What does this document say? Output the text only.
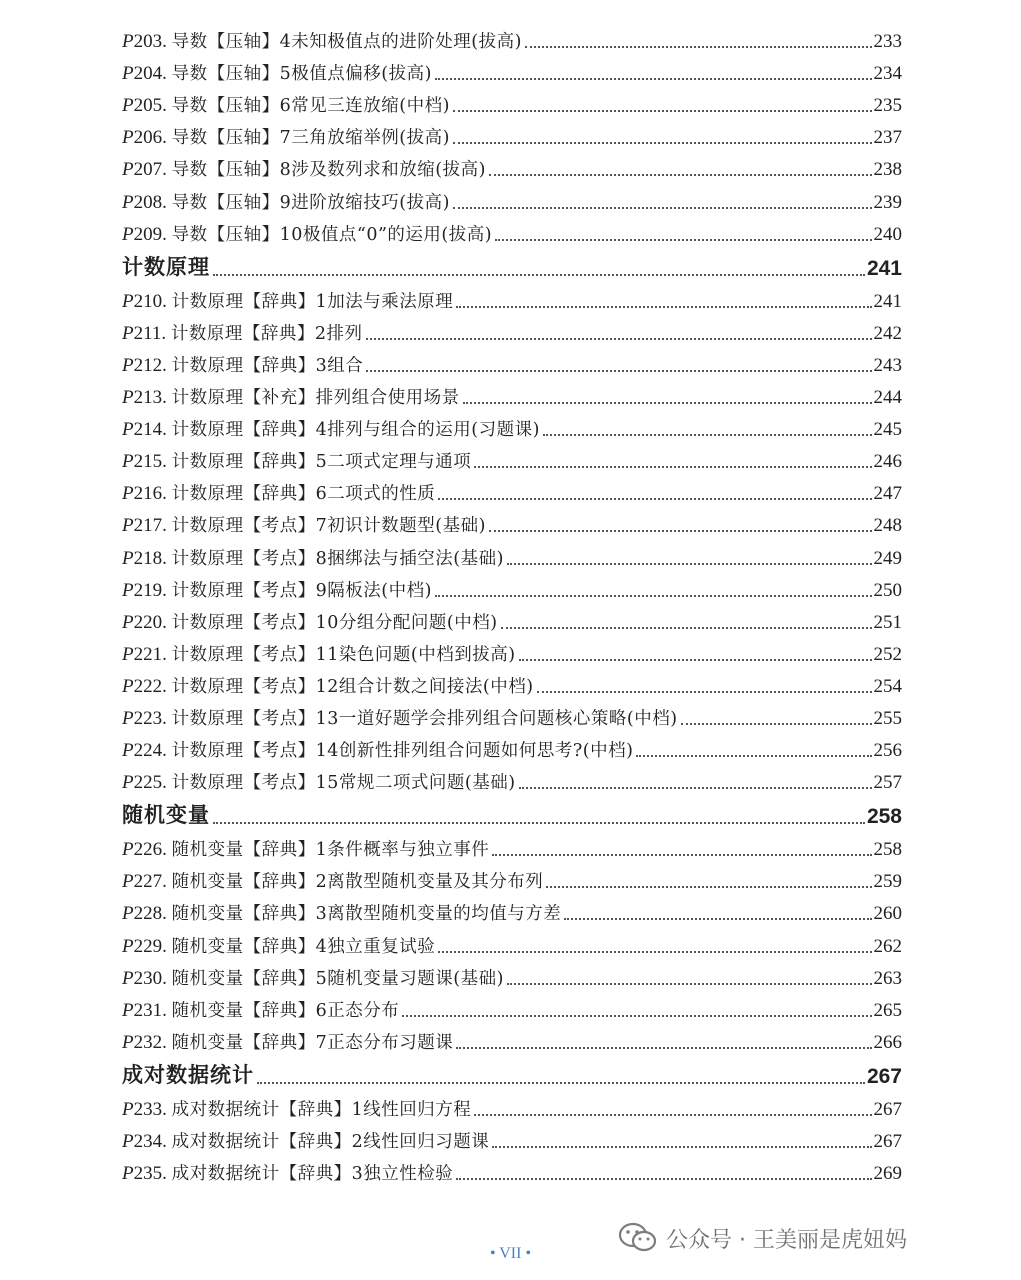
P203. 导数【压轴】4未知极值点的进阶处理(拔高)	233
P204. 导数【压轴】5极值点偏移(拔高)	234
P205. 导数【压轴】6常见三连放缩(中档)	235
P206. 导数【压轴】7三角放缩举例(拔高)	237
P207. 导数【压轴】8涉及数列求和放缩(拔高)	238
P208. 导数【压轴】9进阶放缩技巧(拔高)	239
P209. 导数【压轴】10极值点“0”的运用(拔高)	240
计数原理	241
P210. 计数原理【辞典】1加法与乘法原理	241
P211. 计数原理【辞典】2排列	242
P212. 计数原理【辞典】3组合	243
P213. 计数原理【补充】排列组合使用场景	244
P214. 计数原理【辞典】4排列与组合的运用(习题课)	245
P215. 计数原理【辞典】5二项式定理与通项	246
P216. 计数原理【辞典】6二项式的性质	247
P217. 计数原理【考点】7初识计数题型(基础)	248
P218. 计数原理【考点】8捆绑法与插空法(基础)	249
P219. 计数原理【考点】9隔板法(中档)	250
P220. 计数原理【考点】10分组分配问题(中档)	251
P221. 计数原理【考点】11染色问题(中档到拔高)	252
P222. 计数原理【考点】12组合计数之间接法(中档)	254
P223. 计数原理【考点】13一道好题学会排列组合问题核心策略(中档)	255
P224. 计数原理【考点】14创新性排列组合问题如何思考?(中档)	256
P225. 计数原理【考点】15常规二项式问题(基础)	257
随机变量	258
P226. 随机变量【辞典】1条件概率与独立事件	258
P227. 随机变量【辞典】2离散型随机变量及其分布列	259
P228. 随机变量【辞典】3离散型随机变量的均值与方差	260
P229. 随机变量【辞典】4独立重复试验	262
P230. 随机变量【辞典】5随机变量习题课(基础)	263
P231. 随机变量【辞典】6正态分布	265
P232. 随机变量【辞典】7正态分布习题课	266
成对数据统计	267
P233. 成对数据统计【辞典】1线性回归方程	267
P234. 成对数据统计【辞典】2线性回归习题课	267
P235. 成对数据统计【辞典】3独立性检验	269
• VII •
公众号 · 王美丽是虎妞妈
